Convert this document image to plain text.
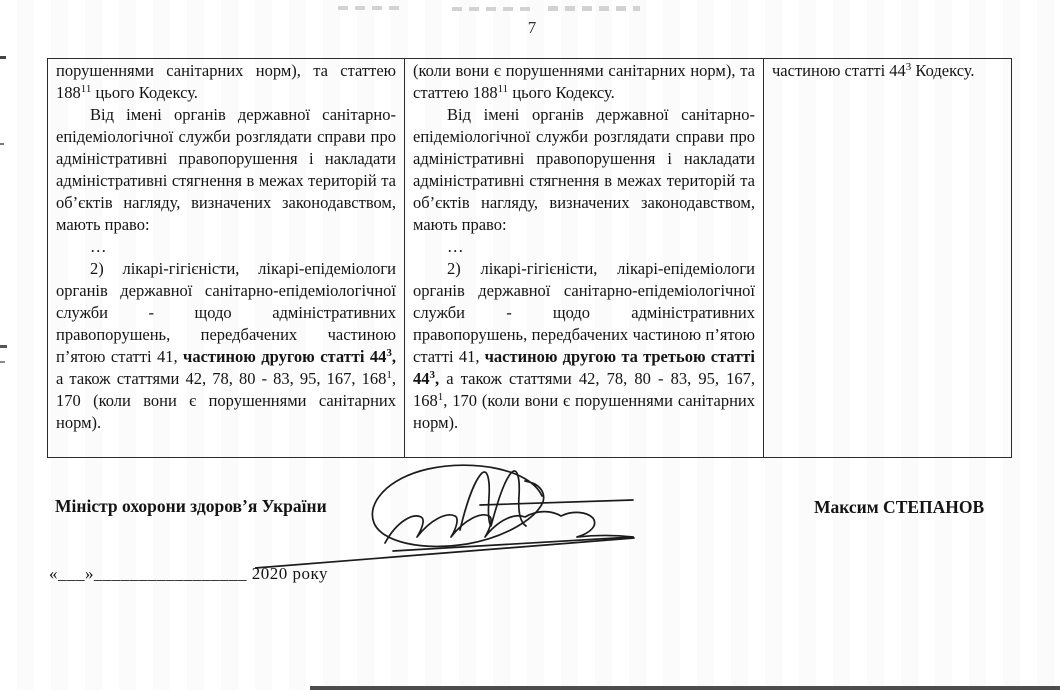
7

порушеннями санітарних норм), та статтею $188^{11}$ цього Кодексу.

Від імені органів державної санітарно-епідеміологічної служби розглядати справи про адміністративні правопорушення і накладати адміністративні стягнення в межах територій та об’єктів нагляду, визначених законодавством, мають право:

…

2) лікарі-гігієністи, лікарі-епідеміологи органів державної санітарно-епідеміологічної служби - щодо адміністративних правопорушень, передбачених частиною п’ятою статті 41, частиною другою статті $44^3$, а також статтями 42, 78, 80 - 83, 95, 167, $168^1$, 170 (коли вони є порушеннями санітарних норм).

(коли вони є порушеннями санітарних норм), та статтею $188^{11}$ цього Кодексу.

Від імені органів державної санітарно-епідеміологічної служби розглядати справи про адміністративні правопорушення і накладати адміністративні стягнення в межах територій та об’єктів нагляду, визначених законодавством, мають право:

…

2) лікарі-гігієністи, лікарі-епідеміологи органів державної санітарно-епідеміологічної служби - щодо адміністративних правопорушень, передбачених частиною п’ятою статті 41, частиною другою та третьою статті $44^3$, а також статтями 42, 78, 80 - 83, 95, 167, $168^1$, 170 (коли вони є порушеннями санітарних норм).

частиною статті $44^3$ Кодексу.

Міністр охорони здоров’я України	Максим СТЕПАНОВ
«___»_________________ 2020 року
